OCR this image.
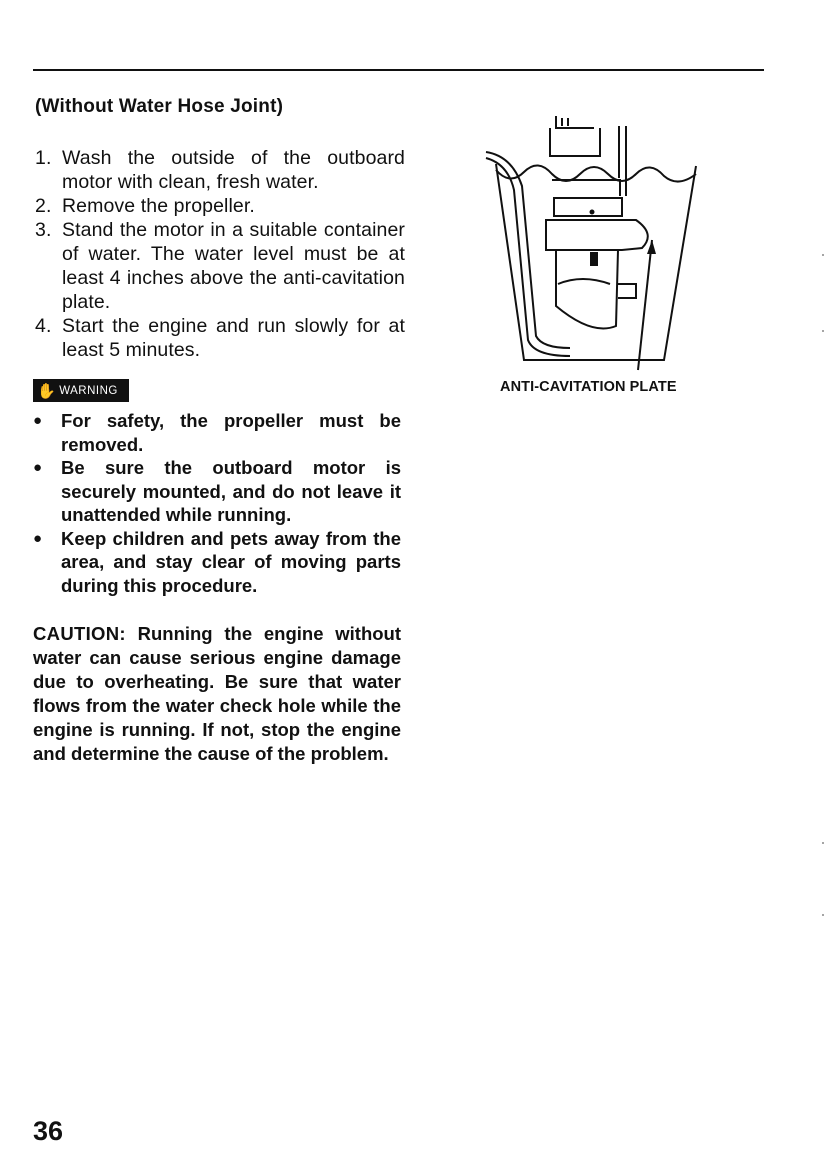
(Without Water Hose Joint)
1. Wash the outside of the outboard motor with clean, fresh water.
2. Remove the propeller.
3. Stand the motor in a suitable container of water. The water level must be at least 4 inches above the anti-cavitation plate.
4. Start the engine and run slowly for at least 5 minutes.
✋ WARNING
●	For safety, the propeller must be removed.
●	Be sure the outboard motor is securely mounted, and do not leave it unattended while running.
●	Keep children and pets away from the area, and stay clear of moving parts during this procedure.
CAUTION: Running the engine without water can cause serious engine damage due to overheating. Be sure that water flows from the water check hole while the engine is running. If not, stop the engine and determine the cause of the problem.
ANTI-CAVITATION PLATE
36
